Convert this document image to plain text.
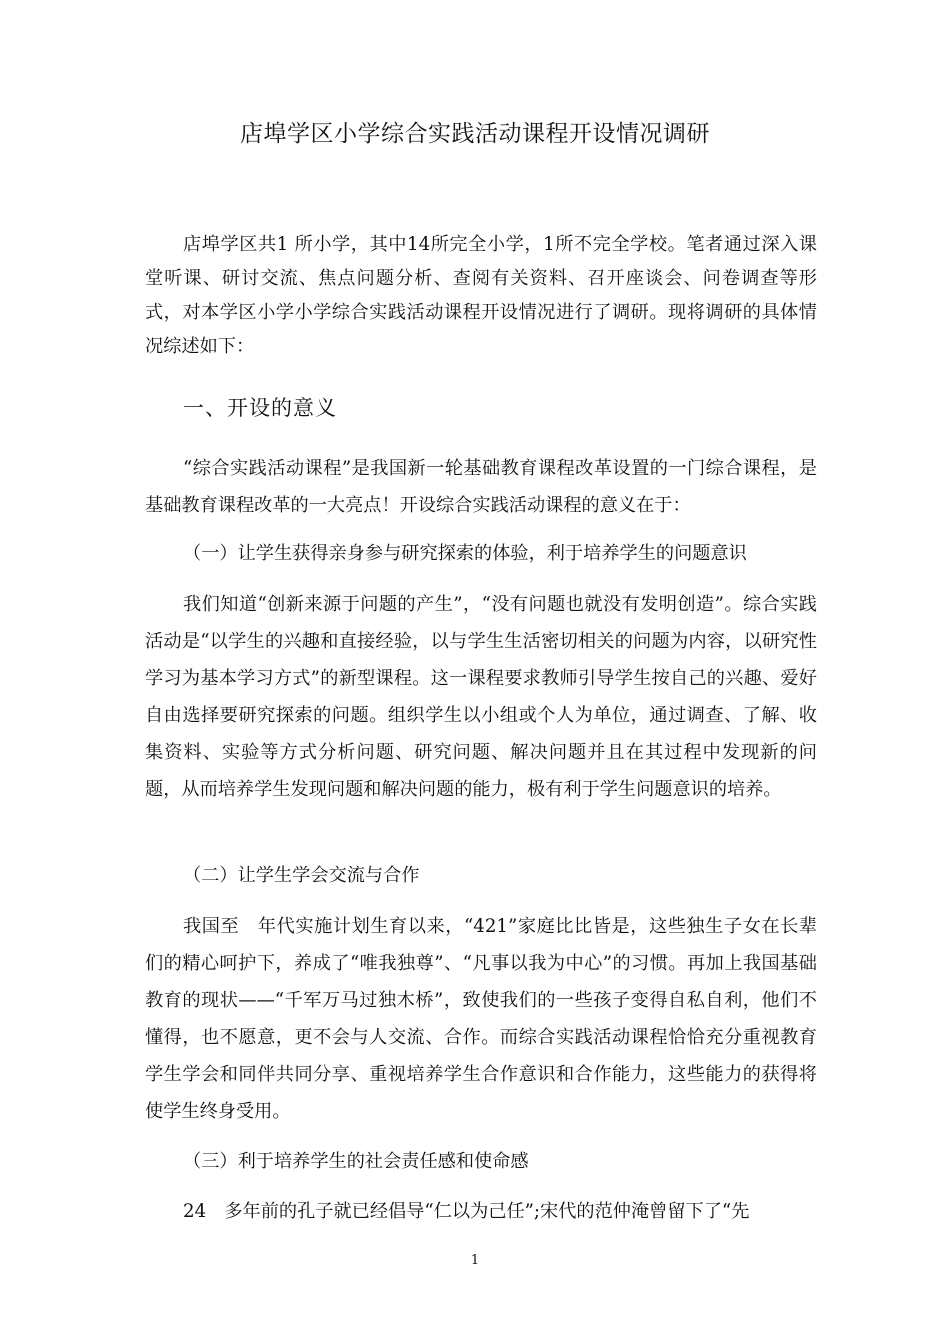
店埠学区小学综合实践活动课程开设情况调研

店埠学区共1 所小学，其中14所完全小学，1所不完全学校。笔者通过深入课堂听课、研讨交流、焦点问题分析、查阅有关资料、召开座谈会、问卷调查等形式，对本学区小学小学综合实践活动课程开设情况进行了调研。现将调研的具体情况综述如下：

一、开设的意义

“综合实践活动课程”是我国新一轮基础教育课程改革设置的一门综合课程，是基础教育课程改革的一大亮点！开设综合实践活动课程的意义在于：

（一）让学生获得亲身参与研究探索的体验，利于培养学生的问题意识

我们知道“创新来源于问题的产生”，“没有问题也就没有发明创造”。综合实践活动是“以学生的兴趣和直接经验，以与学生生活密切相关的问题为内容，以研究性学习为基本学习方式”的新型课程。这一课程要求教师引导学生按自己的兴趣、爱好自由选择要研究探索的问题。组织学生以小组或个人为单位，通过调查、了解、收集资料、实验等方式分析问题、研究问题、解决问题并且在其过程中发现新的问题，从而培养学生发现问题和解决问题的能力，极有利于学生问题意识的培养。

（二）让学生学会交流与合作

我国至　年代实施计划生育以来，“421”家庭比比皆是，这些独生子女在长辈们的精心呵护下，养成了“唯我独尊”、“凡事以我为中心”的习惯。再加上我国基础教育的现状——“千军万马过独木桥”，致使我们的一些孩子变得自私自利，他们不懂得，也不愿意，更不会与人交流、合作。而综合实践活动课程恰恰充分重视教育学生学会和同伴共同分享、重视培养学生合作意识和合作能力，这些能力的获得将使学生终身受用。

（三）利于培养学生的社会责任感和使命感

24　多年前的孔子就已经倡导“仁以为己任”;宋代的范仲淹曾留下了“先

1
